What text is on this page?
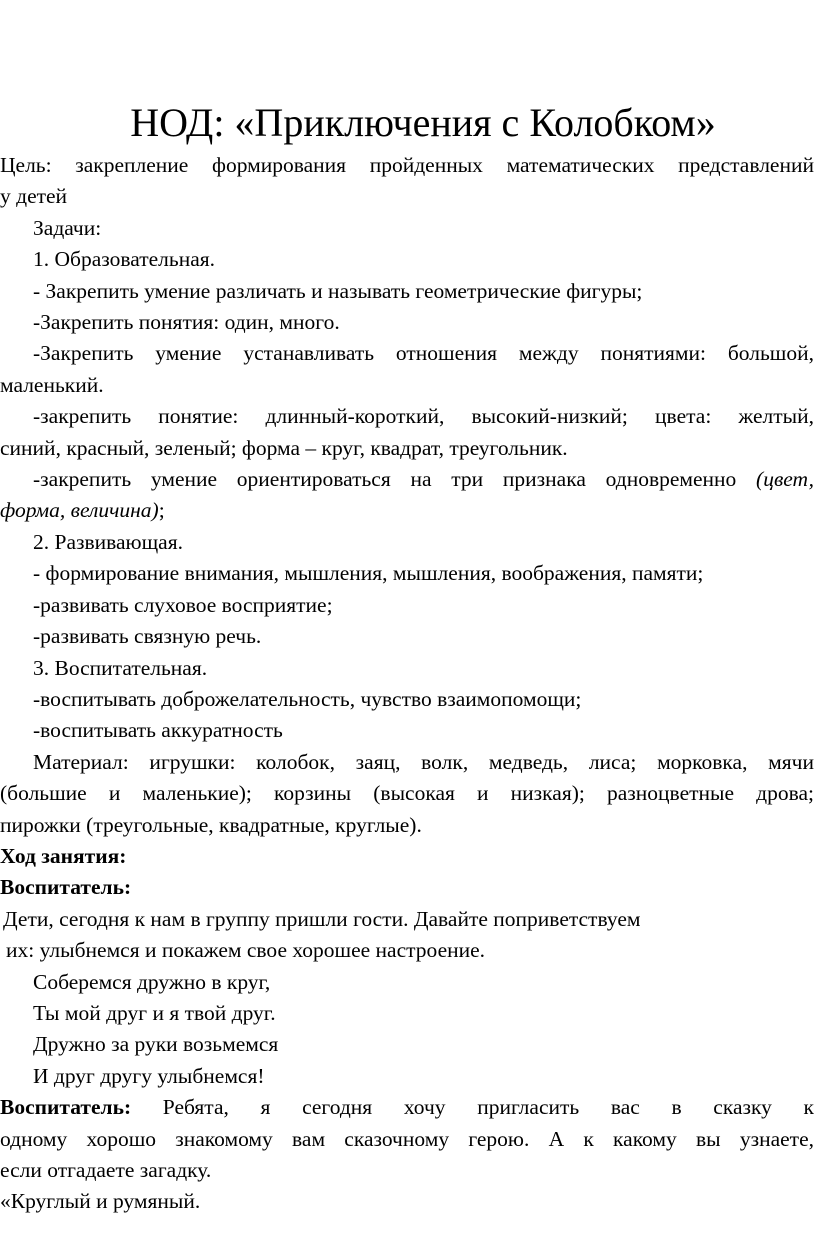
НОД: «Приключения с Колобком»
Цель: закрепление формирования пройденных математических представлений
у детей
Задачи:
1. Образовательная.
- Закрепить умение различать и называть геометрические фигуры;
-Закрепить понятия: один, много.
-Закрепить умение устанавливать отношения между понятиями: большой,
маленький.
-закрепить понятие: длинный-короткий, высокий-низкий; цвета: желтый,
синий, красный, зеленый; форма – круг, квадрат, треугольник.
-закрепить умение ориентироваться на три признака одновременно (цвет,
форма, величина);
2. Развивающая.
- формирование внимания, мышления, мышления, воображения, памяти;
-развивать слуховое восприятие;
-развивать связную речь.
3. Воспитательная.
-воспитывать доброжелательность, чувство взаимопомощи;
-воспитывать аккуратность
Материал: игрушки: колобок, заяц, волк, медведь, лиса; морковка, мячи
(большие и маленькие); корзины (высокая и низкая); разноцветные дрова;
пирожки (треугольные, квадратные, круглые).
Ход занятия:
Воспитатель:
Дети, сегодня к нам в группу пришли гости. Давайте поприветствуем
их: улыбнемся и покажем свое хорошее настроение.
Соберемся дружно в круг,
Ты мой друг и я твой друг.
Дружно за руки возьмемся
И друг другу улыбнемся!
Воспитатель: Ребята, я сегодня хочу пригласить вас в сказку к
одному хорошо знакомому вам сказочному герою. А к какому вы узнаете,
если отгадаете загадку.
«Круглый и румяный.
